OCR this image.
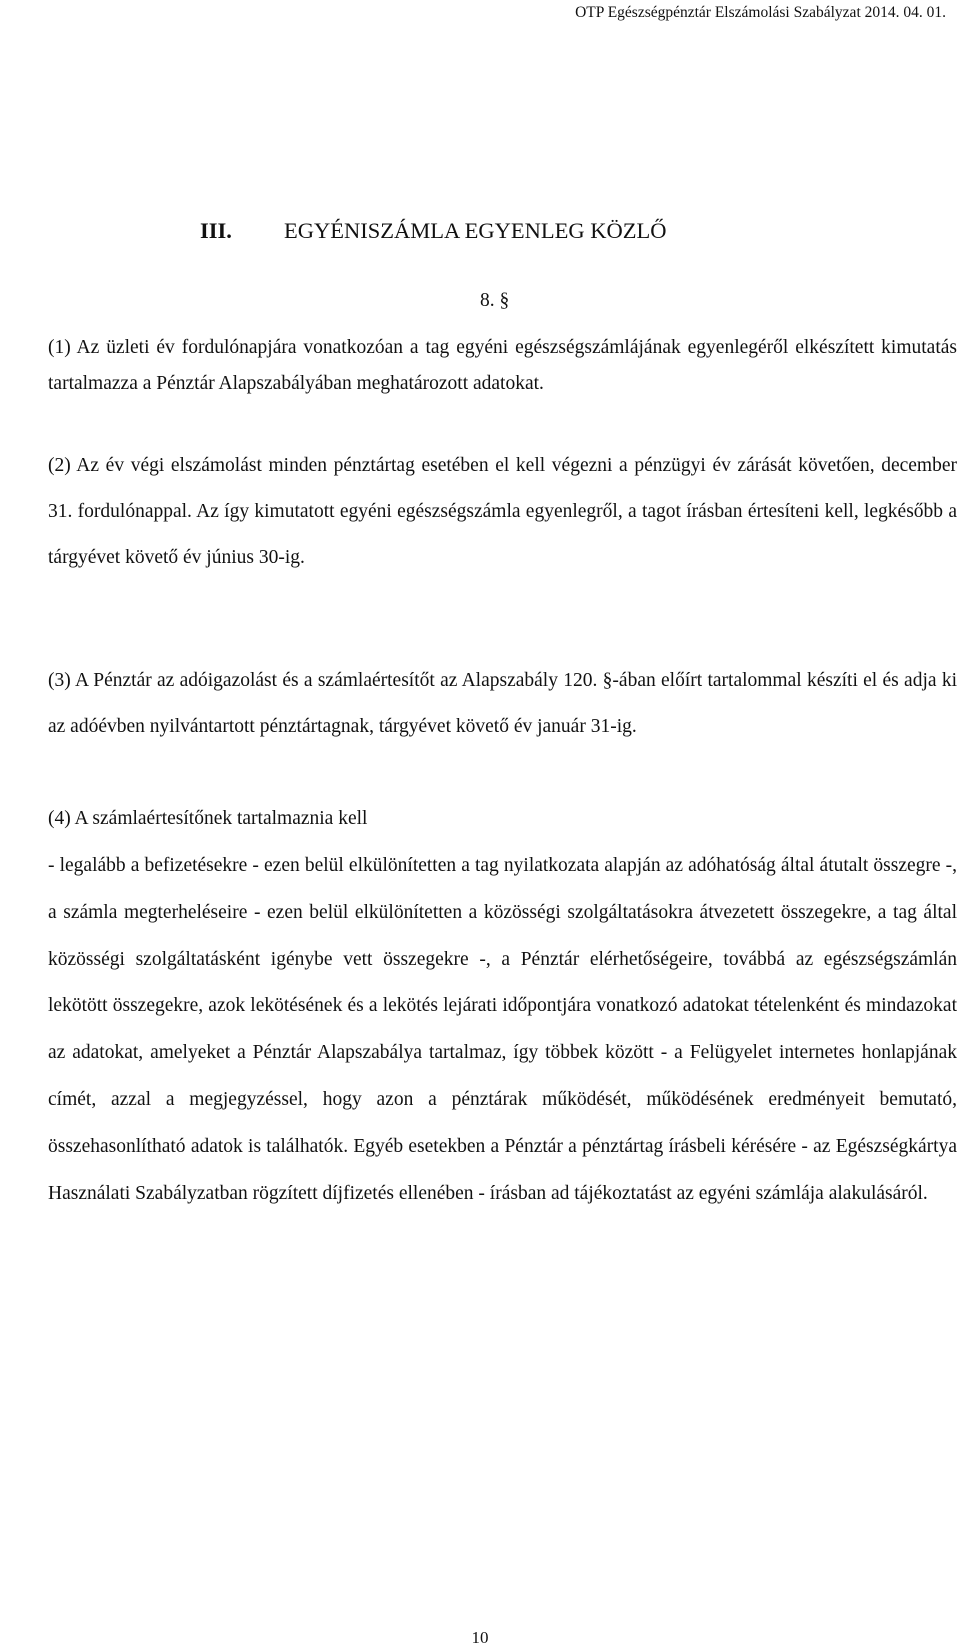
OTP Egészségpénztár Elszámolási Szabályzat 2014. 04. 01.
III. EGYÉNISZÁMLA EGYENLEG KÖZLŐ
8. §

(1) Az üzleti év fordulónapjára vonatkozóan a tag egyéni egészségszámlájának egyenlegéről elkészített kimutatás tartalmazza a Pénztár Alapszabályában meghatározott adatokat.

(2) Az év végi elszámolást minden pénztártag esetében el kell végezni a pénzügyi év zárását követően, december 31. fordulónappal. Az így kimutatott egyéni egészségszámla egyenlegről, a tagot írásban értesíteni kell, legkésőbb a tárgyévet követő év június 30-ig.

(3) A Pénztár az adóigazolást és a számlaértesítőt az Alapszabály 120. §-ában előírt tartalommal készíti el és adja ki az adóévben nyilvántartott pénztártagnak, tárgyévet követő év január 31-ig.

(4) A számlaértesítőnek tartalmaznia kell

- legalább a befizetésekre - ezen belül elkülönítetten a tag nyilatkozata alapján az adóhatóság által átutalt összegre -, a számla megterheléseire - ezen belül elkülönítetten a közösségi szolgáltatásokra átvezetett összegekre, a tag által közösségi szolgáltatásként igénybe vett összegekre -, a Pénztár elérhetőségeire, továbbá az egészségszámlán lekötött összegekre, azok lekötésének és a lekötés lejárati időpontjára vonatkozó adatokat tételenként és mindazokat az adatokat, amelyeket a Pénztár Alapszabálya tartalmaz, így többek között - a Felügyelet internetes honlapjának címét, azzal a megjegyzéssel, hogy azon a pénztárak működését, működésének eredményeit bemutató, összehasonlítható adatok is találhatók. Egyéb esetekben a Pénztár a pénztártag írásbeli kérésére - az Egészségkártya Használati Szabályzatban rögzített díjfizetés ellenében - írásban ad tájékoztatást az egyéni számlája alakulásáról.

10
